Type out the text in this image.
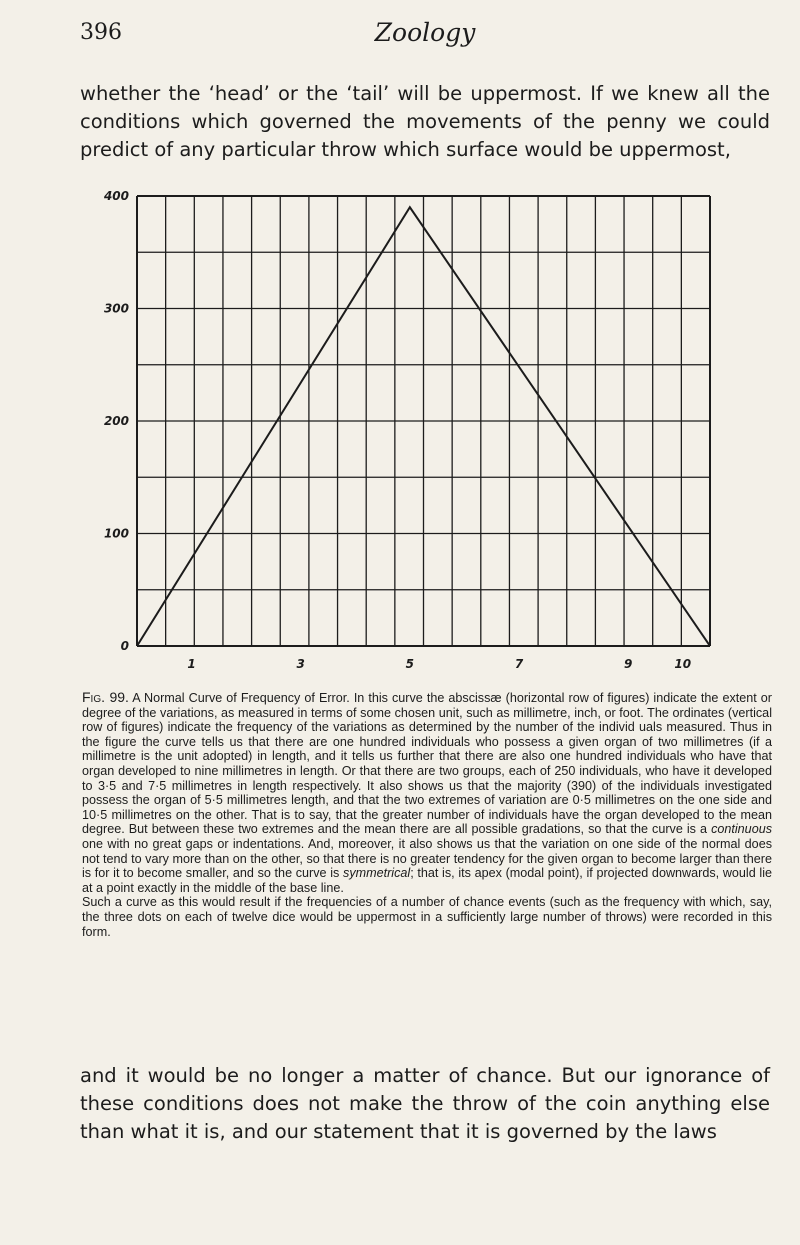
396	Zoology

whether the ‘head’ or the ‘tail’ will be uppermost. If we knew all the conditions which governed the movements of the penny we could predict of any particular throw which surface would be uppermost,

400
300
200
100
0
1	3	5	7	9	10

Fig. 99. A Normal Curve of Frequency of Error. In this curve the abscissæ (horizontal row of figures) indicate the extent or degree of the variations, as measured in terms of some chosen unit, such as millimetre, inch, or foot. The ordinates (vertical row of figures) indicate the frequency of the variations as determined by the number of the individ uals measured. Thus in the figure the curve tells us that there are one hundred individuals who possess a given organ of two millimetres (if a millimetre is the unit adopted) in length, and it tells us further that there are also one hundred individuals who have that organ developed to nine millimetres in length. Or that there are two groups, each of 250 individuals, who have it developed to 3·5 and 7·5 millimetres in length respectively. It also shows us that the majority (390) of the individuals investigated possess the organ of 5·5 millimetres length, and that the two extremes of variation are 0·5 millimetres on the one side and 10·5 millimetres on the other. That is to say, that the greater number of individuals have the organ developed to the mean degree. But between these two extremes and the mean there are all possible gradations, so that the curve is a continuous one with no great gaps or indentations. And, moreover, it also shows us that the variation on one side of the normal does not tend to vary more than on the other, so that there is no greater tendency for the given organ to become larger than there is for it to become smaller, and so the curve is symmetrical; that is, its apex (modal point), if projected downwards, would lie at a point exactly in the middle of the base line.

Such a curve as this would result if the frequencies of a number of chance events (such as the frequency with which, say, the three dots on each of twelve dice would be uppermost in a sufficiently large number of throws) were recorded in this form.

and it would be no longer a matter of chance. But our ignorance of these conditions does not make the throw of the coin anything else than what it is, and our statement that it is governed by the laws
